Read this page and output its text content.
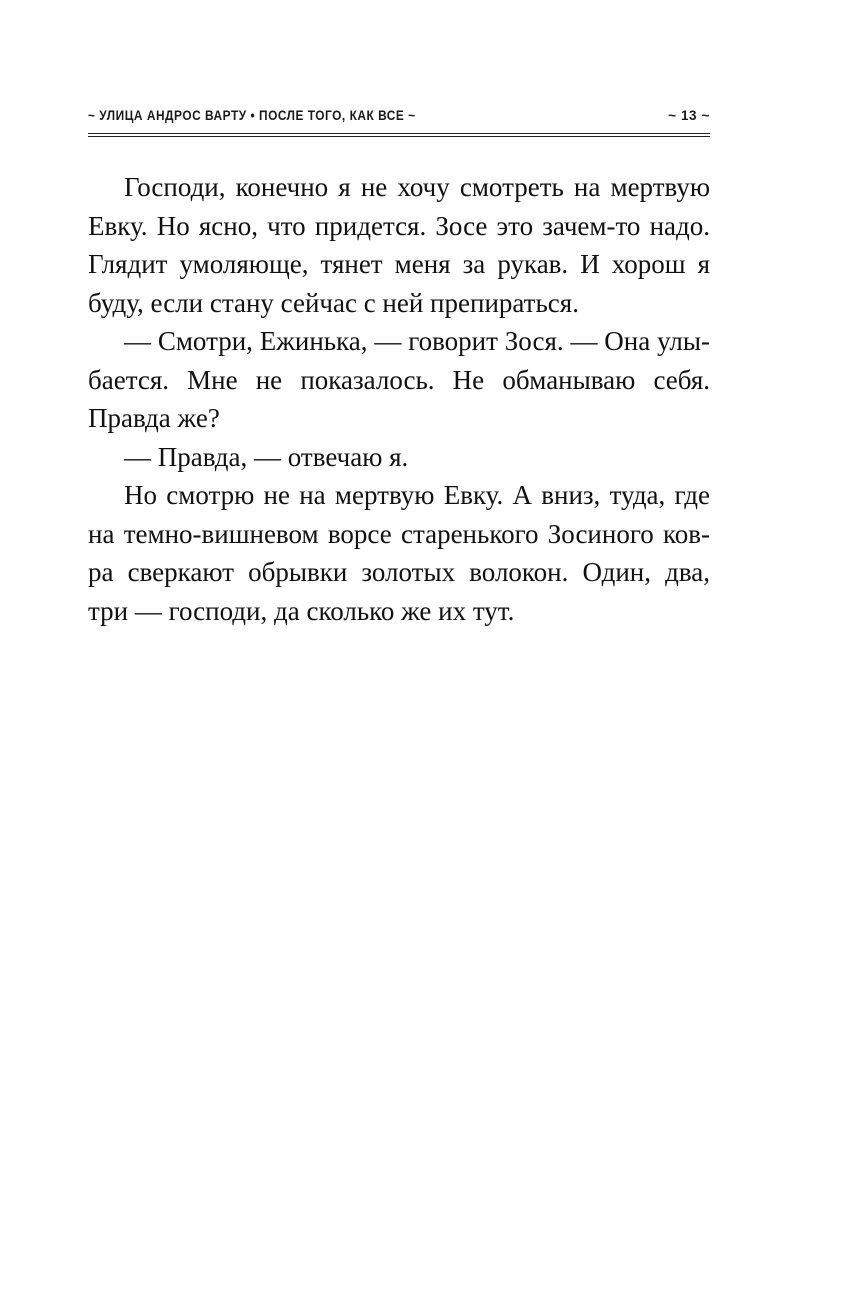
~ УЛИЦА АНДРОС ВАРТУ • ПОСЛЕ ТОГО, КАК ВСЕ ~	~ 13 ~

Господи, конечно я не хочу смотреть на мертвую Евку. Но ясно, что придется. Зосе это зачем-то надо. Глядит умоляюще, тянет меня за рукав. И хорош я буду, если стану сейчас с ней препираться.

— Смотри, Ежинька, — говорит Зося. — Она улыбается. Мне не показалось. Не обманываю себя. Правда же?

— Правда, — отвечаю я.

Но смотрю не на мертвую Евку. А вниз, туда, где на темно-вишневом ворсе старенького Зосиного ковра сверкают обрывки золотых волокон. Один, два, три — господи, да сколько же их тут.
